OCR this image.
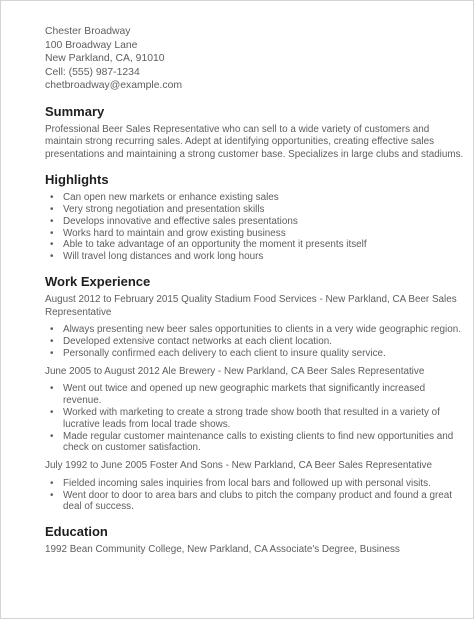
Chester Broadway
100 Broadway Lane
New Parkland, CA, 91010
Cell: (555) 987-1234
chetbroadway@example.com
Summary

Professional Beer Sales Representative who can sell to a wide variety of customers and maintain strong recurring sales. Adept at identifying opportunities, creating effective sales presentations and maintaining a strong customer base. Specializes in large clubs and stadiums.

Highlights
• Can open new markets or enhance existing sales
• Very strong negotiation and presentation skills
• Develops innovative and effective sales presentations
• Works hard to maintain and grow existing business
• Able to take advantage of an opportunity the moment it presents itself
• Will travel long distances and work long hours
Work Experience
August 2012 to February 2015 Quality Stadium Food Services - New Parkland, CA Beer Sales Representative
• Always presenting new beer sales opportunities to clients in a very wide geographic region.
• Developed extensive contact networks at each client location.
• Personally confirmed each delivery to each client to insure quality service.
June 2005 to August 2012 Ale Brewery - New Parkland, CA Beer Sales Representative
• Went out twice and opened up new geographic markets that significantly increased revenue.
• Worked with marketing to create a strong trade show booth that resulted in a variety of lucrative leads from local trade shows.
• Made regular customer maintenance calls to existing clients to find new opportunities and check on customer satisfaction.
July 1992 to June 2005 Foster And Sons - New Parkland, CA Beer Sales Representative
• Fielded incoming sales inquiries from local bars and followed up with personal visits.
• Went door to door to area bars and clubs to pitch the company product and found a great deal of success.
Education
1992 Bean Community College, New Parkland, CA Associate's Degree, Business
